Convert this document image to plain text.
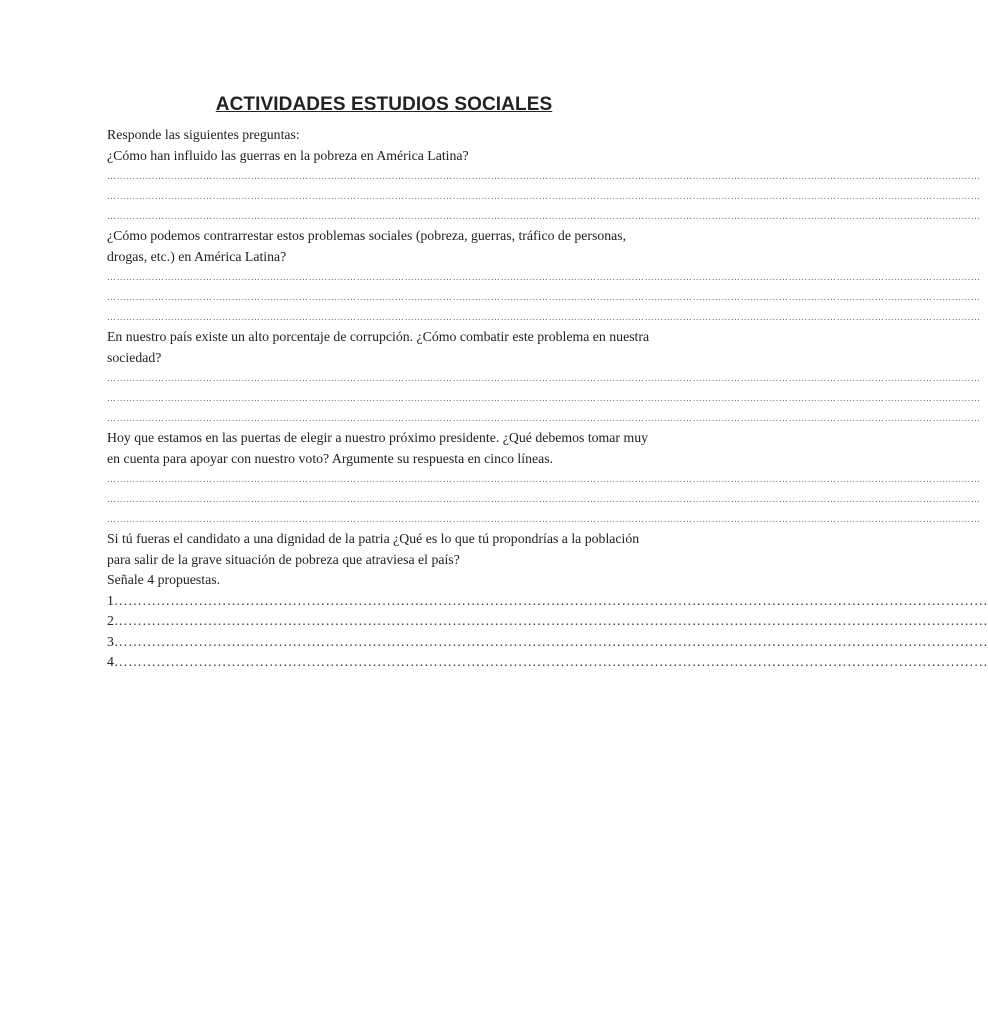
ACTIVIDADES ESTUDIOS SOCIALES

Responde las siguientes preguntas:

¿Cómo han influido las guerras en la pobreza en América Latina?

…………………………………………………………………………………………………………………………………………………………………………………………………………………………………………………
…………………………………………………………………………………………………………………………………………………………………………………………………………………………………………………
…………………………………………………………………………………………………………………………………………………………………………………………………………………………………………………

¿Cómo podemos contrarrestar estos problemas sociales (pobreza, guerras, tráfico de personas, drogas, etc.) en América Latina?

…………………………………………………………………………………………………………………………………………………………………………………………………………………………………………………
…………………………………………………………………………………………………………………………………………………………………………………………………………………………………………………
…………………………………………………………………………………………………………………………………………………………………………………………………………………………………………………

En nuestro país existe un alto porcentaje de corrupción. ¿Cómo combatir este problema en nuestra sociedad?

…………………………………………………………………………………………………………………………………………………………………………………………………………………………………………………
…………………………………………………………………………………………………………………………………………………………………………………………………………………………………………………
…………………………………………………………………………………………………………………………………………………………………………………………………………………………………………………

Hoy que estamos en las puertas de elegir a nuestro próximo presidente. ¿Qué debemos tomar muy en cuenta para apoyar con nuestro voto? Argumente su respuesta en cinco líneas.

…………………………………………………………………………………………………………………………………………………………………………………………………………………………………………………
…………………………………………………………………………………………………………………………………………………………………………………………………………………………………………………
…………………………………………………………………………………………………………………………………………………………………………………………………………………………………………………

Si tú fueras el candidato a una dignidad de la patria ¿Qué es lo que tú propondrías a la población para salir de la grave situación de pobreza que atraviesa el país?

Señale 4 propuestas.

1……………………………………………………………………………………………………………………………………………………………………
2……………………………………………………………………………………………………………………………………………………………………
3……………………………………………………………………………………………………………………………………………………………………
4……………………………………………………………………………………………………………………………………………………………………
